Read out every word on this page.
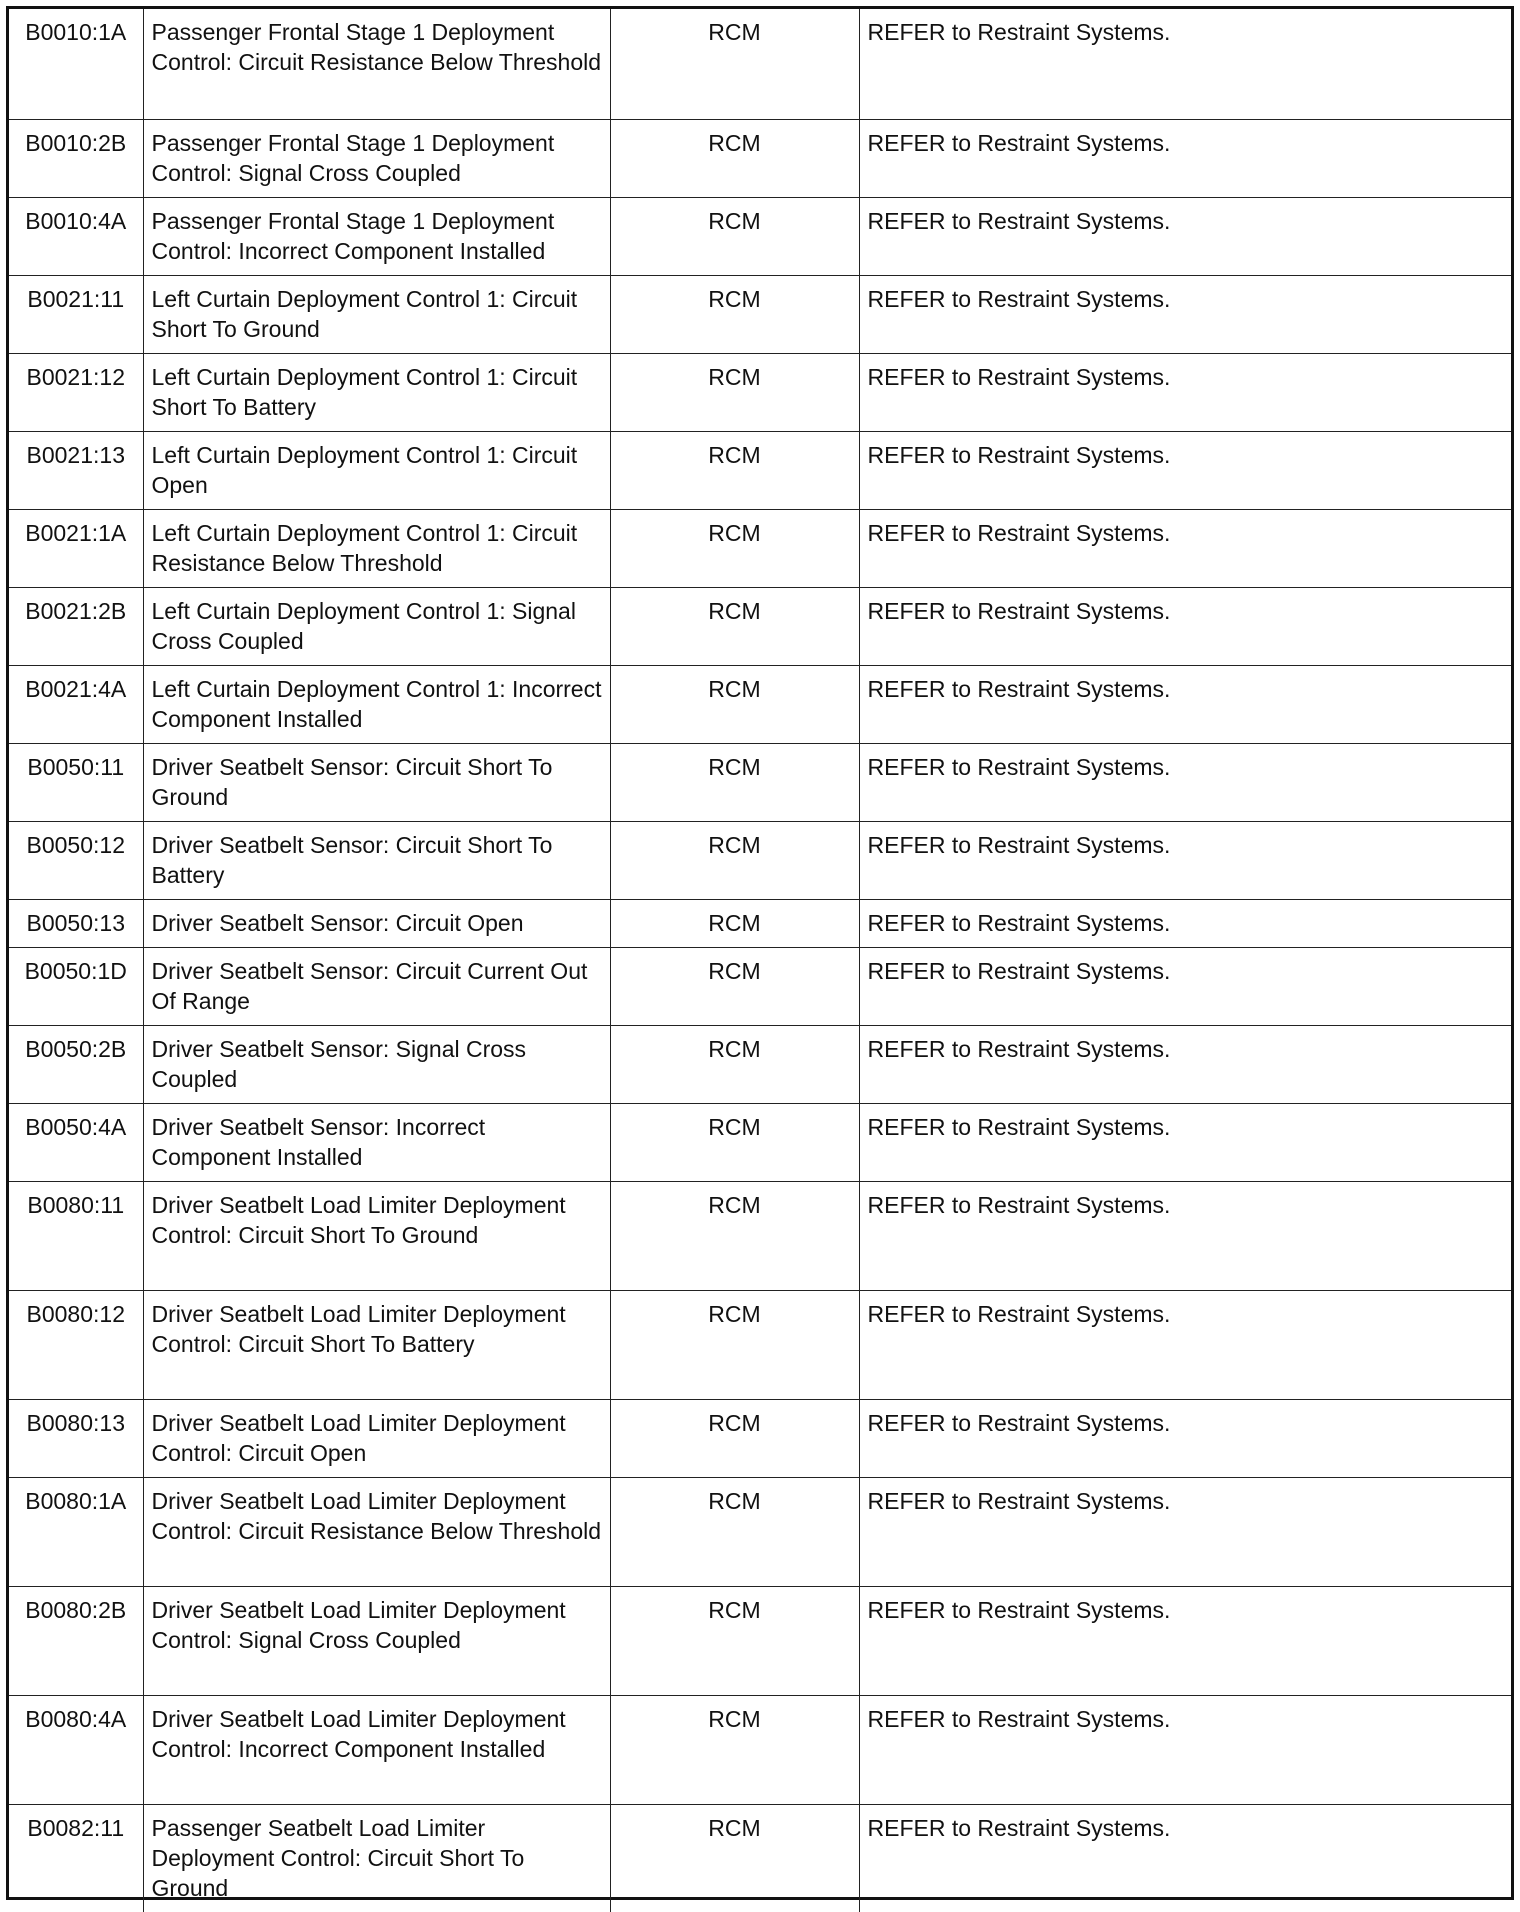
B0010:1A	Passenger Frontal Stage 1 Deployment Control: Circuit Resistance Below Threshold	RCM	REFER to Restraint Systems.
B0010:2B	Passenger Frontal Stage 1 Deployment Control: Signal Cross Coupled	RCM	REFER to Restraint Systems.
B0010:4A	Passenger Frontal Stage 1 Deployment Control: Incorrect Component Installed	RCM	REFER to Restraint Systems.
B0021:11	Left Curtain Deployment Control 1: Circuit Short To Ground	RCM	REFER to Restraint Systems.
B0021:12	Left Curtain Deployment Control 1: Circuit Short To Battery	RCM	REFER to Restraint Systems.
B0021:13	Left Curtain Deployment Control 1: Circuit Open	RCM	REFER to Restraint Systems.
B0021:1A	Left Curtain Deployment Control 1: Circuit Resistance Below Threshold	RCM	REFER to Restraint Systems.
B0021:2B	Left Curtain Deployment Control 1: Signal Cross Coupled	RCM	REFER to Restraint Systems.
B0021:4A	Left Curtain Deployment Control 1: Incorrect Component Installed	RCM	REFER to Restraint Systems.
B0050:11	Driver Seatbelt Sensor: Circuit Short To Ground	RCM	REFER to Restraint Systems.
B0050:12	Driver Seatbelt Sensor: Circuit Short To Battery	RCM	REFER to Restraint Systems.
B0050:13	Driver Seatbelt Sensor: Circuit Open	RCM	REFER to Restraint Systems.
B0050:1D	Driver Seatbelt Sensor: Circuit Current Out Of Range	RCM	REFER to Restraint Systems.
B0050:2B	Driver Seatbelt Sensor: Signal Cross Coupled	RCM	REFER to Restraint Systems.
B0050:4A	Driver Seatbelt Sensor: Incorrect Component Installed	RCM	REFER to Restraint Systems.
B0080:11	Driver Seatbelt Load Limiter Deployment Control: Circuit Short To Ground	RCM	REFER to Restraint Systems.
B0080:12	Driver Seatbelt Load Limiter Deployment Control: Circuit Short To Battery	RCM	REFER to Restraint Systems.
B0080:13	Driver Seatbelt Load Limiter Deployment Control: Circuit Open	RCM	REFER to Restraint Systems.
B0080:1A	Driver Seatbelt Load Limiter Deployment Control: Circuit Resistance Below Threshold	RCM	REFER to Restraint Systems.
B0080:2B	Driver Seatbelt Load Limiter Deployment Control: Signal Cross Coupled	RCM	REFER to Restraint Systems.
B0080:4A	Driver Seatbelt Load Limiter Deployment Control: Incorrect Component Installed	RCM	REFER to Restraint Systems.
B0082:11	Passenger Seatbelt Load Limiter Deployment Control: Circuit Short To Ground	RCM	REFER to Restraint Systems.
